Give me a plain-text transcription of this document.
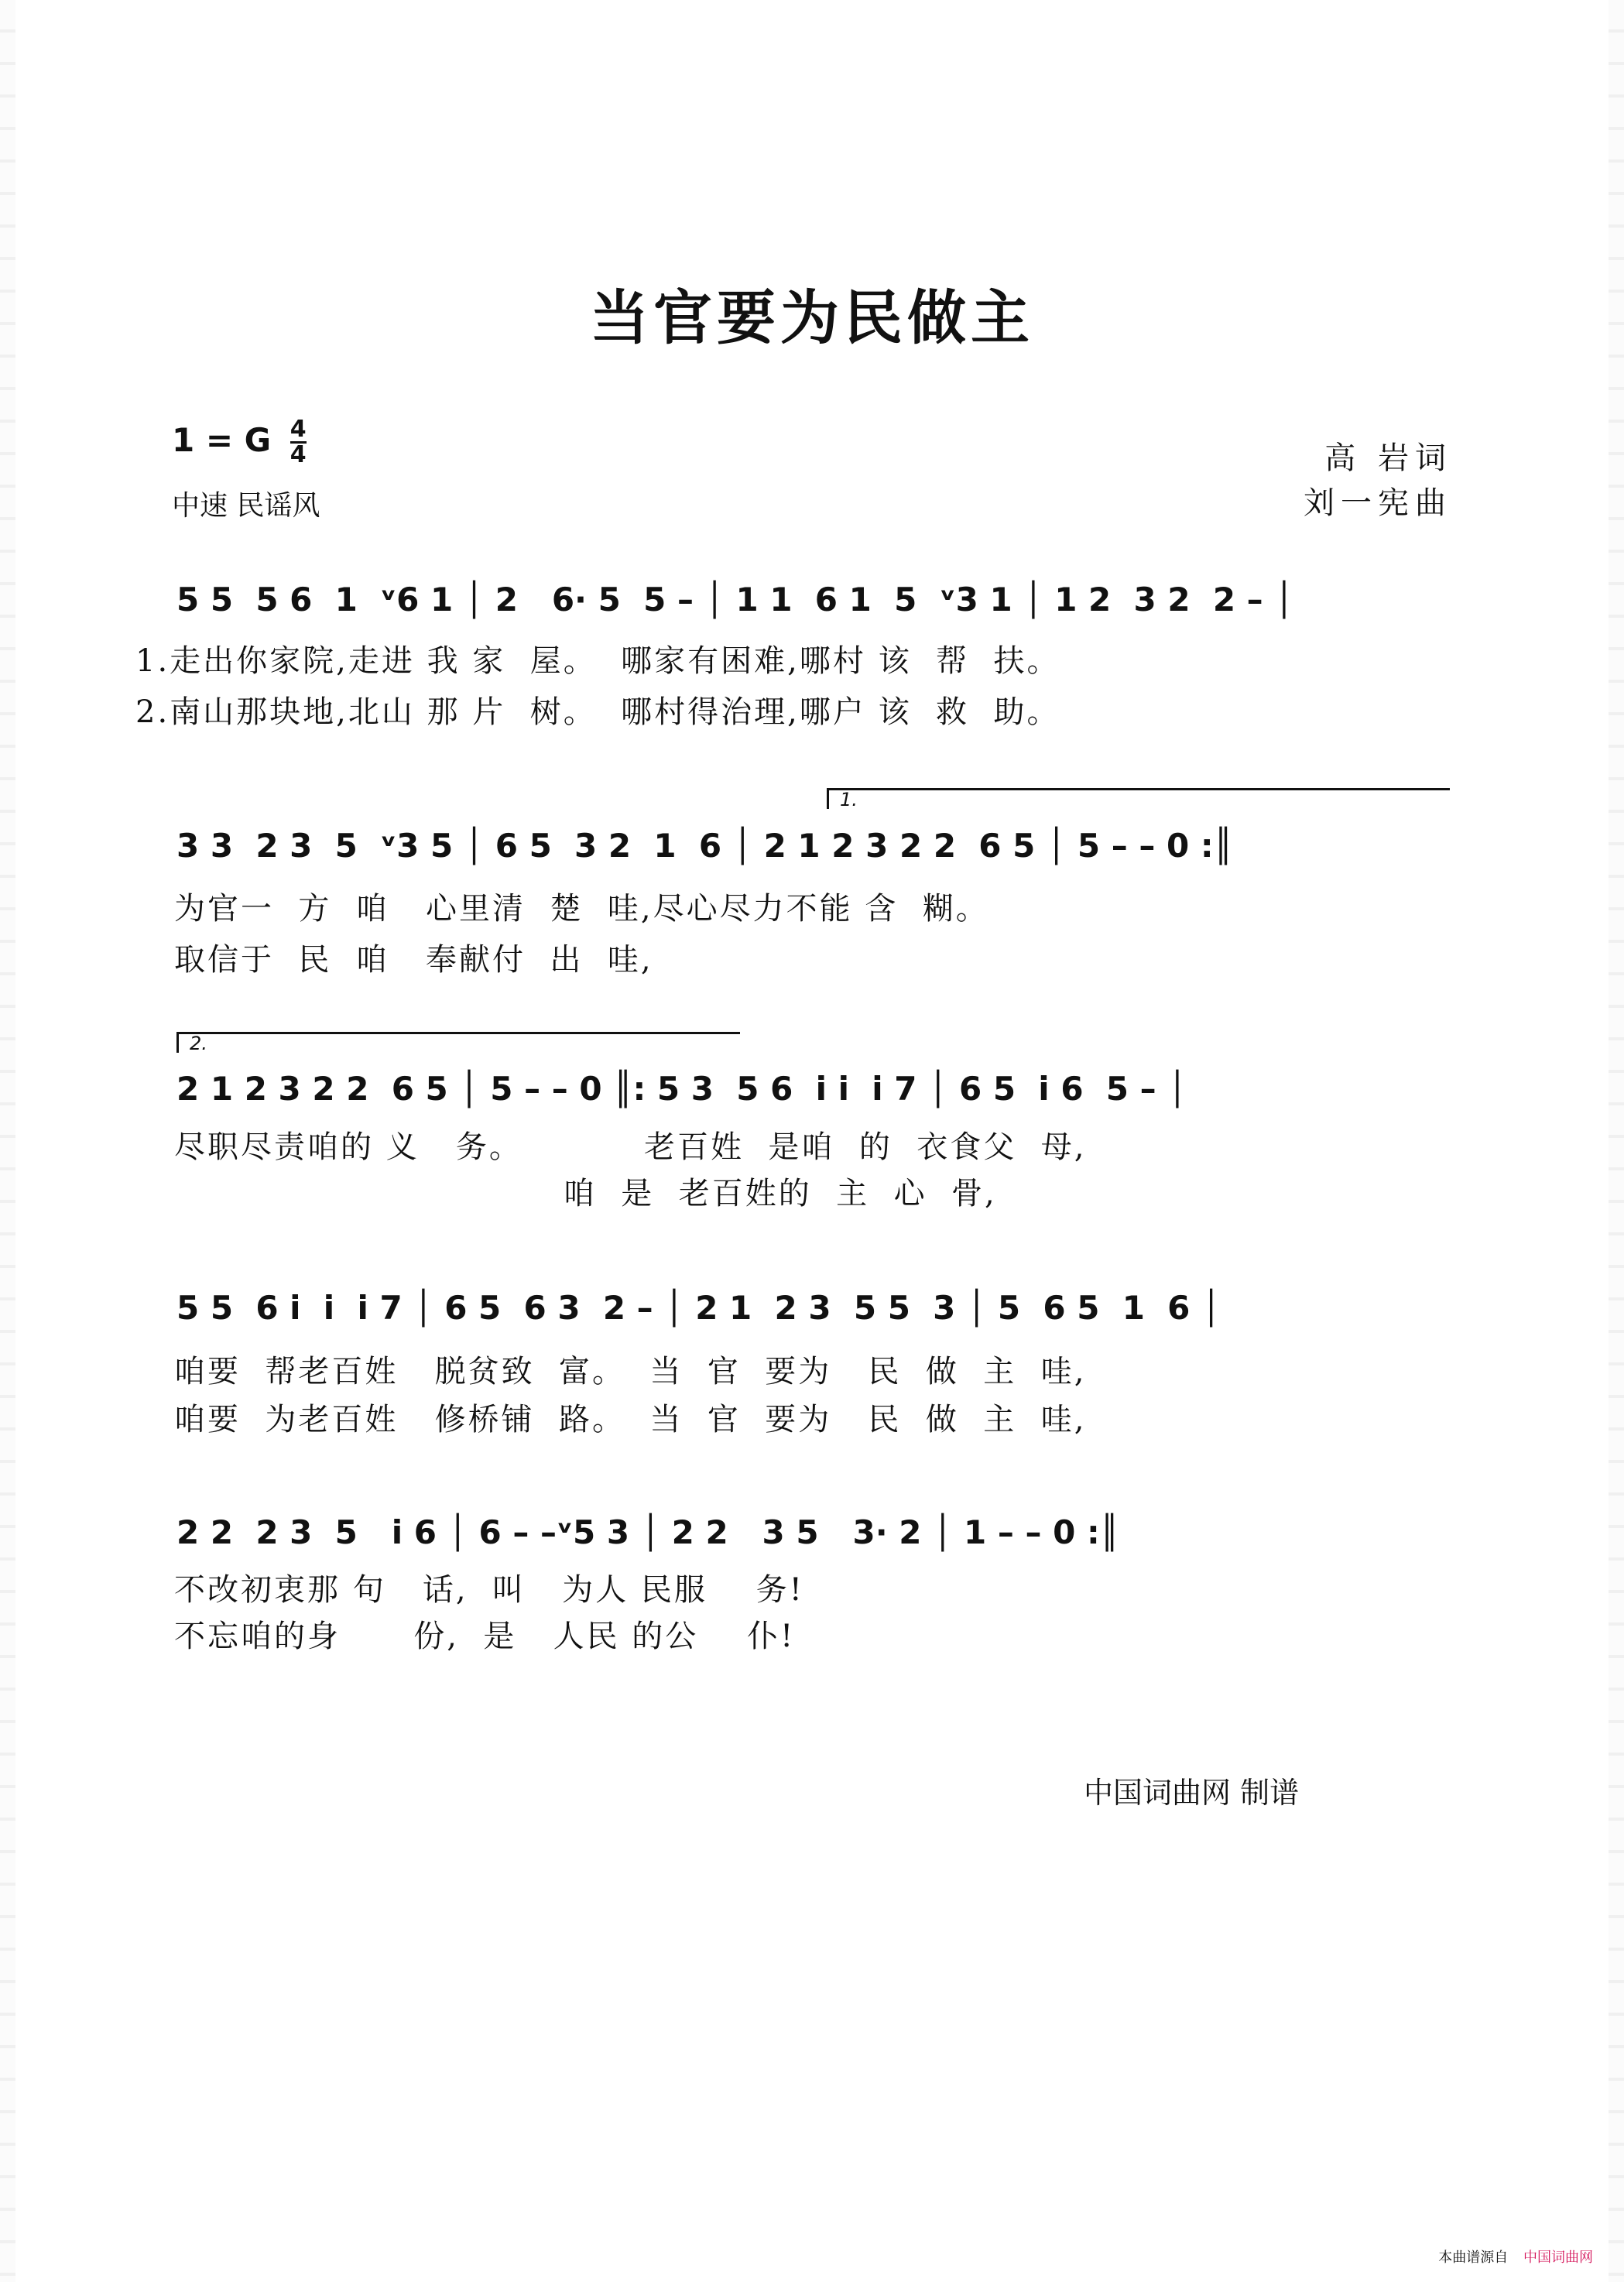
当官要为民做主
1 = G $\frac{4}{4}$
中速 民谣风
高 岩词
刘一宪曲
5 5  5 6  1  ᵛ6 1 │ 2   6· 5  5 – │ 1 1  6 1  5  ᵛ3 1 │ 1 2  3 2  2 – │
1.走出你家院,走进 我 家  屋。  哪家有困难,哪村 该  帮  扶。
2.南山那块地,北山 那 片  树。  哪村得治理,哪户 该  救  助。
1.
3 3  2 3  5  ᵛ3 5 │ 6 5  3 2  1  6 │ 2 1 2 3 2 2  6 5 │ 5 – – 0 :║
为官一  方  咱   心里清  楚  哇,尽心尽力不能 含  糊。
取信于  民  咱   奉献付  出  哇,
2.
2 1 2 3 2 2  6 5 │ 5 – – 0 ║: 5 3  5 6  i i  i 7 │ 6 5  i 6  5 – │
尽职尽责咱的 义   务。          老百姓  是咱  的  衣食父  母,
咱  是  老百姓的  主  心  骨,
5 5  6 i  i  i 7 │ 6 5  6 3  2 – │ 2 1  2 3  5 5  3 │ 5  6 5  1  6 │
咱要  帮老百姓   脱贫致  富。  当  官  要为   民  做  主  哇,
咱要  为老百姓   修桥铺  路。  当  官  要为   民  做  主  哇,
2 2  2 3  5   i 6 │ 6 – –ᵛ5 3 │ 2 2   3 5   3· 2 │ 1 – – 0 :║
不改初衷那 句   话,  叫   为人 民服    务!
不忘咱的身      份,  是   人民 的公    仆!
中国词曲网 制谱
本曲谱源自 中国词曲网
